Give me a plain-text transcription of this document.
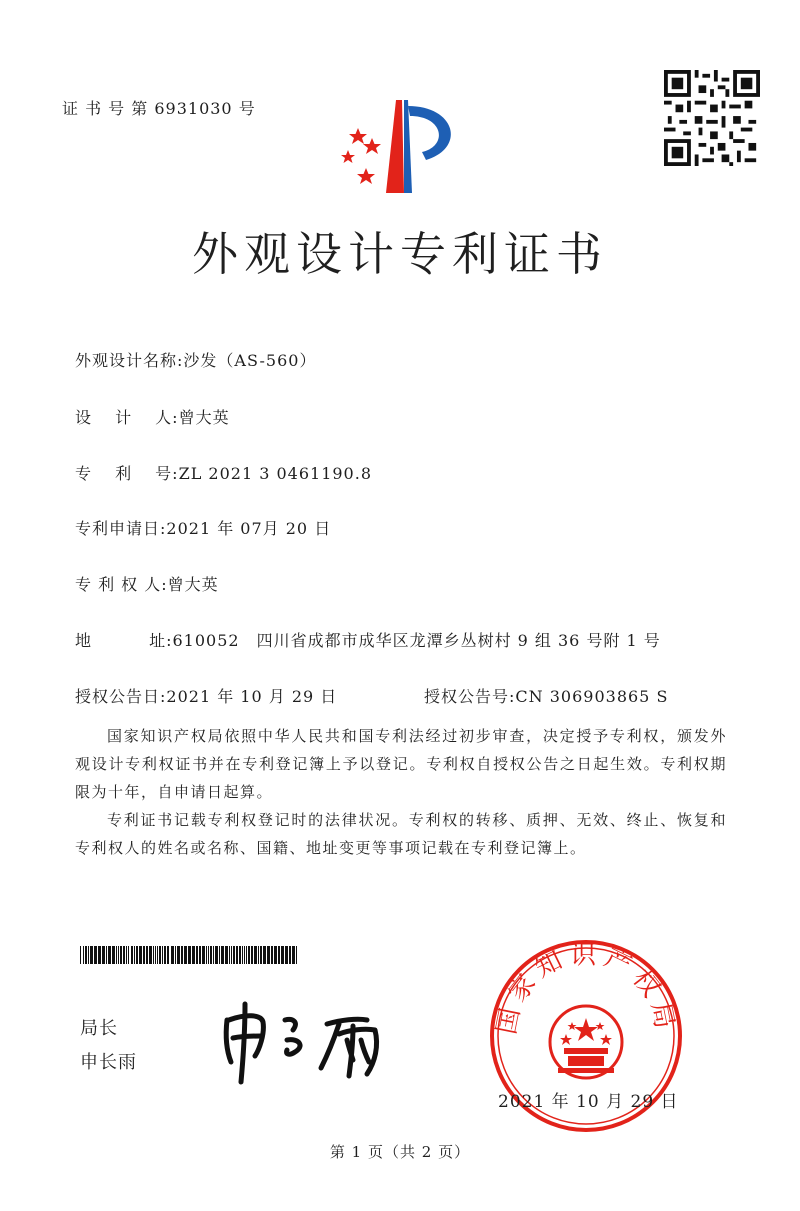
证 书 号 第 6931030 号
外观设计专利证书
外观设计名称:沙发（AS-560）
设　 计　 人:曾大英
专　 利　 号:ZL 2021 3 0461190.8
专利申请日:2021 年 07月 20 日
专 利 权 人:曾大英
地　　　 址:610052　四川省成都市成华区龙潭乡丛树村 9 组 36 号附 1 号
授权公告日:2021 年 10 月 29 日	授权公告号:CN 306903865 S

国家知识产权局依照中华人民共和国专利法经过初步审查，决定授予专利权，颁发外观设计专利权证书并在专利登记簿上予以登记。专利权自授权公告之日起生效。专利权期限为十年，自申请日起算。

专利证书记载专利权登记时的法律状况。专利权的转移、质押、无效、终止、恢复和专利权人的姓名或名称、国籍、地址变更等事项记载在专利登记簿上。

局长
申长雨
国家知识产权局
2021 年 10 月 29 日
第 1 页（共 2 页）
